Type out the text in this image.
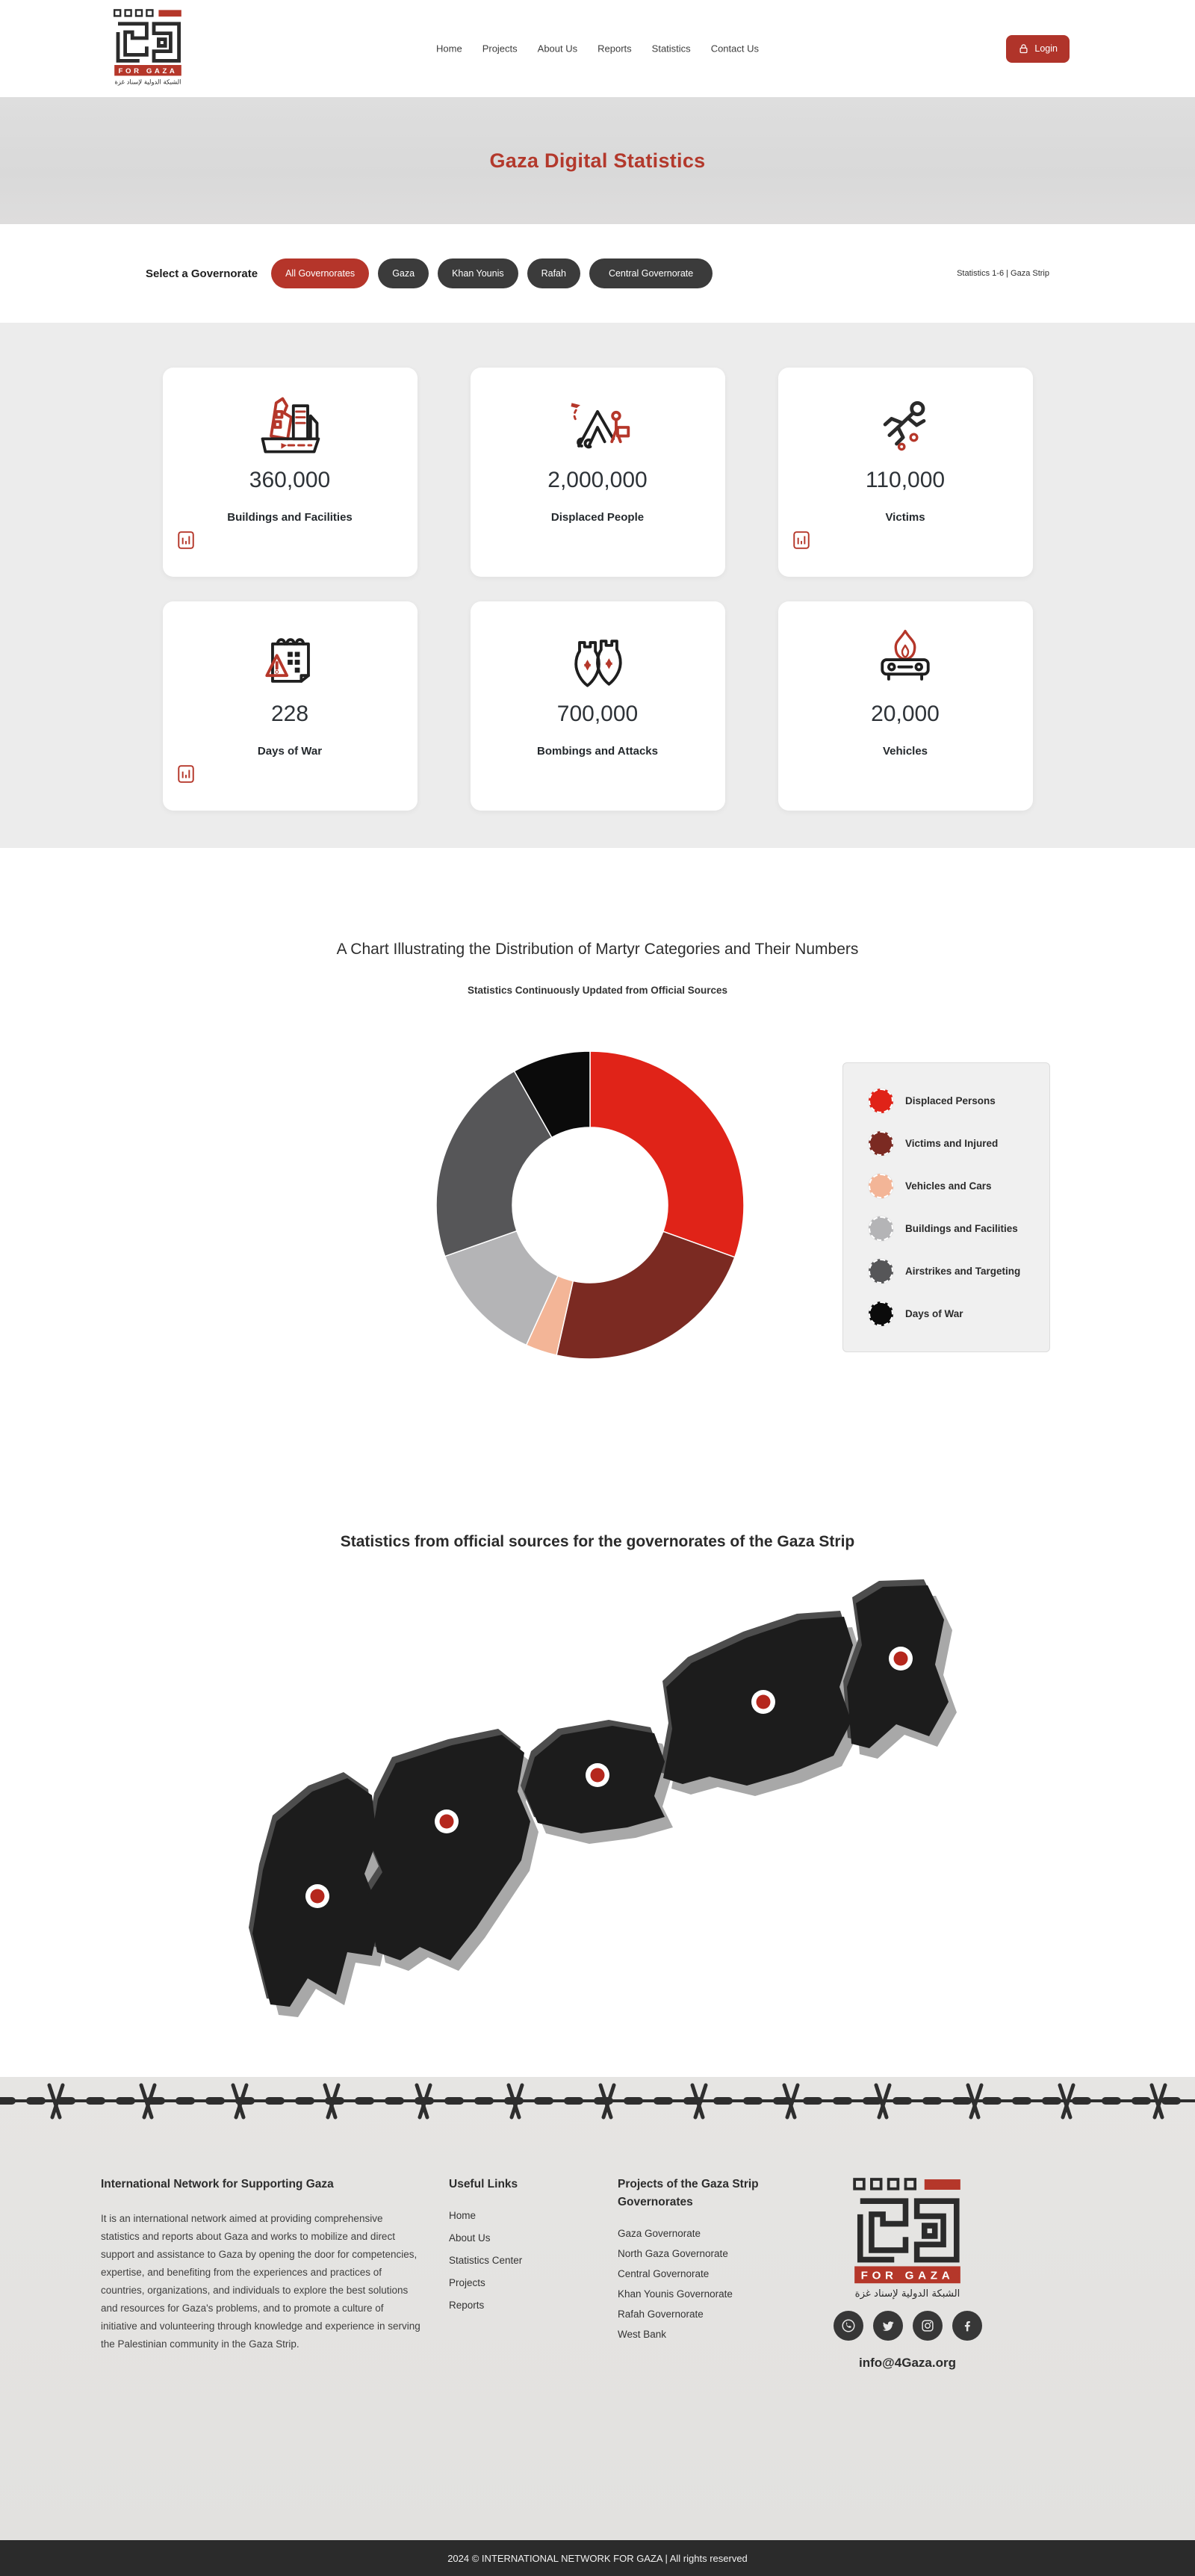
FOR GAZA
الشبكة الدولية لإسناد غزة
Home Projects About Us Reports Statistics Contact Us	Login
Gaza Digital Statistics
Select a Governorate	All Governorates	Gaza	Khan Younis	Rafah	Central Governorate	Statistics 1-6 | Gaza Strip
360,000
Buildings and Facilities
2,000,000
Displaced People
110,000
Victims
228
Days of War
700,000
Bombings and Attacks
20,000
Vehicles
A Chart Illustrating the Distribution of Martyr Categories and Their Numbers
Statistics Continuously Updated from Official Sources
Displaced Persons
Victims and Injured
Vehicles and Cars
Buildings and Facilities
Airstrikes and Targeting
Days of War
Statistics from official sources for the governorates of the Gaza Strip
International Network for Supporting Gaza

It is an international network aimed at providing comprehensive statistics and reports about Gaza and works to mobilize and direct support and assistance to Gaza by opening the door for competencies, expertise, and benefiting from the experiences and practices of countries, organizations, and individuals to explore the best solutions and resources for Gaza's problems, and to promote a culture of initiative and volunteering through knowledge and experience in serving the Palestinian community in the Gaza Strip.

Useful Links
Home
About Us
Statistics Center
Projects
Reports
Projects of the Gaza Strip Governorates
Gaza Governorate
North Gaza Governorate
Central Governorate
Khan Younis Governorate
Rafah Governorate
West Bank
FOR GAZA
الشبكة الدولية لإسناد غزة
info@4Gaza.org
2024 © INTERNATIONAL NETWORK FOR GAZA | All rights reserved
